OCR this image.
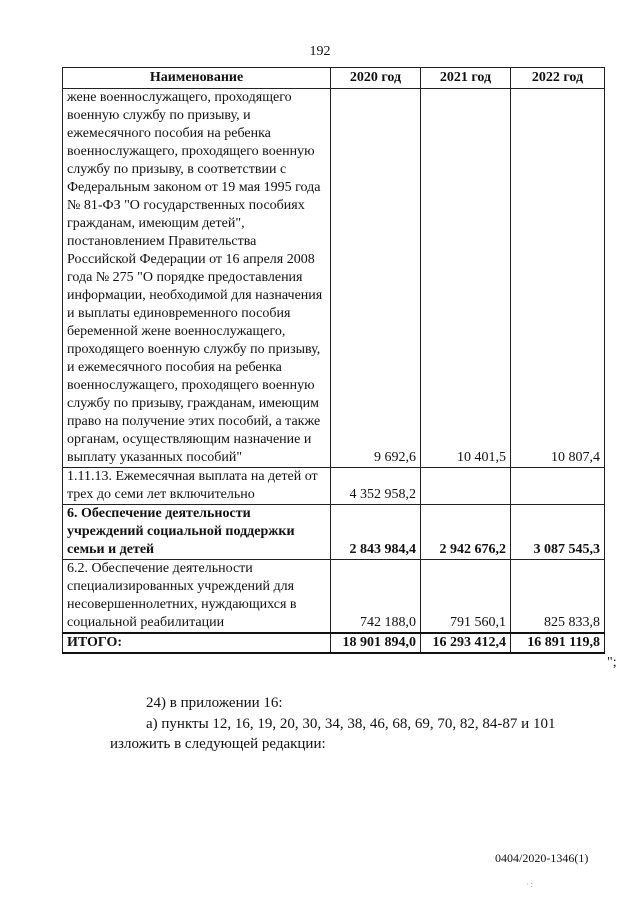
192
Наименование	2020 год	2021 год	2022 год
жене военнослужащего, проходящего военную службу по призыву, и ежемесячного пособия на ребенка военнослужащего, проходящего военную службу по призыву, в соответствии с Федеральным законом от 19 мая 1995 года № 81-ФЗ "О государственных пособиях гражданам, имеющим детей", постановлением Правительства Российской Федерации от 16 апреля 2008 года № 275 "О порядке предоставления информации, необходимой для назначения и выплаты единовременного пособия беременной жене военнослужащего, проходящего военную службу по призыву, и ежемесячного пособия на ребенка военнослужащего, проходящего военную службу по призыву, гражданам, имеющим право на получение этих пособий, а также органам, осуществляющим назначение и выплату указанных пособий"	9 692,6	10 401,5	10 807,4
1.11.13. Ежемесячная выплата на детей от трех до семи лет включительно	4 352 958,2		
6. Обеспечение деятельности учреждений социальной поддержки семьи и детей	2 843 984,4	2 942 676,2	3 087 545,3
6.2. Обеспечение деятельности специализированных учреждений для несовершеннолетних, нуждающихся в социальной реабилитации	742 188,0	791 560,1	825 833,8
ИТОГО:	18 901 894,0	16 293 412,4	16 891 119,8
";
24) в приложении 16:
а) пункты 12, 16, 19, 20, 30, 34, 38, 46, 68, 69, 70, 82, 84-87 и 101
изложить в следующей редакции:
0404/2020-1346(1)
· :
